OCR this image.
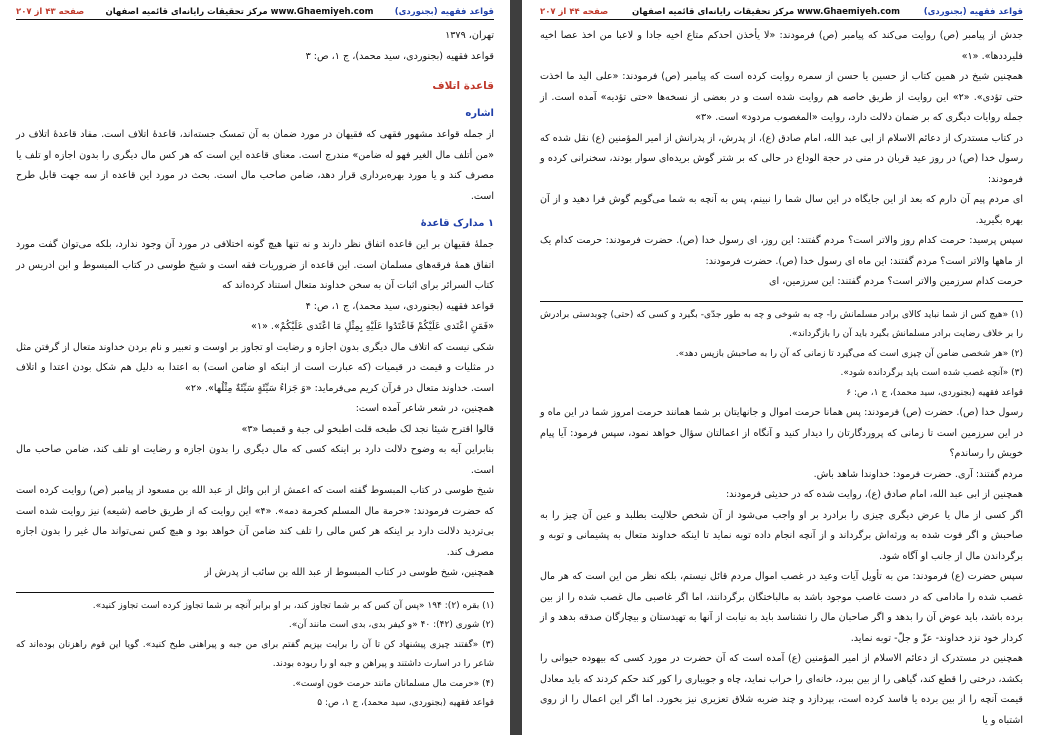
صفحه ۴۳ از ۲۰۷ مرکز تحقیقات رایانه‌ای قائمیه اصفهان www.Ghaemiyeh.com قواعد فقهیه (بجنوردی)

تهران، ۱۳۷۹

قواعد فقهیه (بجنوردی، سید محمد)، ج ۱، ص: ۳

قاعدة اتلاف
اشاره

از جمله قواعد مشهور فقهی که فقیهان در مورد ضمان به آن تمسک جسته‌اند، قاعدهٔ اتلاف است. مفاد قاعدهٔ اتلاف در «من أتلف مال الغیر فهو له ضامن» مندرج است. معنای قاعده این است که هر کس مال دیگری را بدون اجازه او تلف یا مصرف کند و یا مورد بهره‌برداری قرار دهد، ضامن صاحب مال است. بحث در مورد این قاعده از سه جهت قابل طرح است.

۱ مدارک قاعدهٔ

جملهٔ فقیهان بر این قاعده اتفاق نظر دارند و نه تنها هیچ گونه اختلافی در مورد آن وجود ندارد، بلکه می‌توان گفت مورد اتفاق همهٔ فرقه‌های مسلمان است. این قاعده از ضروریات فقه است و شیخ طوسی در کتاب المبسوط و ابن ادریس در کتاب السرائر برای اثبات آن به سخن خداوند متعال استناد کرده‌اند که

قواعد فقهیه (بجنوردی، سید محمد)، ج ۱، ص: ۴

«فَمَنِ اعْتَدی عَلَیْکُمْ فَاعْتَدُوا عَلَیْهِ بِمِثْلِ مَا اعْتَدی عَلَیْکُمْ». «۱»

شکی نیست که اتلاف مال دیگری بدون اجازه و رضایت او تجاوز بر اوست و تعبیر و نام بردن خداوند متعال از گرفتن مثل در مثلیات و قیمت در قیمیات (که عبارت است از اینکه او ضامن است) به اعتدا به دلیل هم شکل بودن اعتدا و اتلاف است. خداوند متعال در قرآن کریم می‌فرماید: «وَ جَزاءُ سَیِّئَةٍ سَیِّئَةٌ مِثْلُها». «۲»

همچنین، در شعر شاعر آمده است:

قالوا اقترح شیئا نجد لک طبخه قلت اطبخو لی جبة و قمیصا «۳»

بنابراین آیه به وضوح دلالت دارد بر اینکه کسی که مال دیگری را بدون اجازه و رضایت او تلف کند، ضامن صاحب مال است.

شیخ طوسی در کتاب المبسوط گفته است که اعمش از ابن وائل از عبد الله بن مسعود از پیامبر (ص) روایت کرده است که حضرت فرمودند: «حرمة مال المسلم کحرمة دمه». «۴» این روایت که از طریق خاصه (شیعه) نیز روایت شده است بی‌تردید دلالت دارد بر اینکه هر کس مالی را تلف کند ضامن آن خواهد بود و هیچ کس نمی‌تواند مال غیر را بدون اجازه مصرف کند.

همچنین، شیخ طوسی در کتاب المبسوط از عبد الله بن سائب از پدرش از

(۱) بقره (۲): ۱۹۴ «پس آن کس که بر شما تجاوز کند، بر او برابر آنچه بر شما تجاوز کرده است تجاوز کنید».

(۲) شوری (۴۲): ۴۰ «و کیفر بدی، بدی است مانند آن».

(۳) «گفتند چیزی پیشنهاد کن تا آن را برایت بپزیم گفتم برای من جبه و پیراهنی طبخ کنید». گویا این قوم راهزنان بوده‌اند که شاعر را در اسارت داشتند و پیراهن و جبه او را ربوده بودند.

(۴) «حرمت مال مسلمانان مانند حرمت خون اوست».

قواعد فقهیه (بجنوردی، سید محمد)، ج ۱، ص: ۵

صفحه ۴۴ از ۲۰۷	مرکز تحقیقات رایانه‌ای قائمیه اصفهان www.Ghaemiyeh.com	قواعد فقهیه (بجنوردی)

جدش از پیامبر (ص) روایت می‌کند که پیامبر (ص) فرمودند: «لا یأخذن احدکم متاع اخیه جادا و لاعبا من اخذ عصا اخیه فلیرددها». «۱»

همچنین شیخ در همین کتاب از حسین یا حسن از سمره روایت کرده است که پیامبر (ص) فرمودند: «علی الید ما اخذت حتی تؤدی». «۲» این روایت از طریق خاصه هم روایت شده است و در بعضی از نسخه‌ها «حتی تؤدیه» آمده است. از جمله روایات دیگری که بر ضمان دلالت دارد، روایت «المغصوب مردود» است. «۳»

در کتاب مستدرک از دعائم الاسلام از ابی عبد الله، امام صادق (ع)، از پدرش، از پدرانش از امیر المؤمنین (ع) نقل شده که رسول خدا (ص) در روز عید قربان در منی در حجة الوداع در حالی که بر شتر گوش بریده‌ای سوار بودند، سخنرانی کرده و فرمودند:

ای مردم پیم آن دارم که بعد از این جایگاه در این سال شما را نبینم، پس به آنچه به شما می‌گویم گوش فرا دهید و از آن بهره بگیرید.

سپس پرسید: حرمت کدام روز والاتر است؟ مردم گفتند: این روز، ای رسول خدا (ص). حضرت فرمودند: حرمت کدام یک از ماهها والاتر است؟ مردم گفتند: این ماه ای رسول خدا (ص). حضرت فرمودند:

حرمت کدام سرزمین والاتر است؟ مردم گفتند: این سرزمین، ای

(۱) «هیچ کس از شما نباید کالای برادر مسلمانش را- چه به شوخی و چه به طور جدّی- بگیرد و کسی که (حتی) چوبدستی برادرش را بر خلاف رضایت برادر مسلمانش بگیرد باید آن را بازگرداند».

(۲) «هر شخصی ضامن آن چیزی است که می‌گیرد تا زمانی که آن را به صاحبش بازپس دهد».

(۳) «آنچه غصب شده است باید برگردانده شود».

قواعد فقهیه (بجنوردی، سید محمد)، ج ۱، ص: ۶

رسول خدا (ص). حضرت (ص) فرمودند: پس همانا حرمت اموال و جانهایتان بر شما همانند حرمت امروز شما در این ماه و در این سرزمین است تا زمانی که پروردگارتان را دیدار کنید و آنگاه از اعمالتان سؤال خواهد نمود، سپس فرمود: آیا پیام خویش را رساندم؟

مردم گفتند: آری. حضرت فرمود: خداوندا شاهد باش.

همچنین از ابی عبد الله، امام صادق (ع)، روایت شده که در حدیثی فرمودند:

اگر کسی از مال یا عرض دیگری چیزی را برادرد بر او واجب می‌شود از آن شخص حلالیت بطلبد و عین آن چیز را به صاحبش و اگر فوت شده به ورثه‌اش برگرداند و از آنچه انجام داده توبه نماید تا اینکه خداوند متعال به پشیمانی و توبه و برگرداندن مال از جانب او آگاه شود.

سپس حضرت (ع) فرمودند: من به تأویل آیات وعید در غصب اموال مردم قائل نیستم، بلکه نظر من این است که هر مال غصب شده را مادامی که در دست غاصب موجود باشد به مالباختگان برگردانند، اما اگر غاصبی مال غصب شده را از بین برده باشد، باید عوض آن را بدهد و اگر صاحبان مال را نشناسد باید به نیابت از آنها به تهیدستان و بیچارگان صدقه بدهد و از کردار خود نزد خداوند- عزّ و جلّ- توبه نماید.

همچنین در مستدرک از دعائم الاسلام از امیر المؤمنین (ع) آمده است که آن حضرت در مورد کسی که بیهوده حیوانی را بکشد، درختی را قطع کند، گیاهی را از بین ببرد، خانه‌ای را خراب نماید، چاه و جویباری را کور کند حکم کردند که باید معادل قیمت آنچه را از بین برده یا فاسد کرده است، بپردازد و چند ضربه شلاق تعزیری نیز بخورد. اما اگر این اعمال را از روی اشتباه و یا
